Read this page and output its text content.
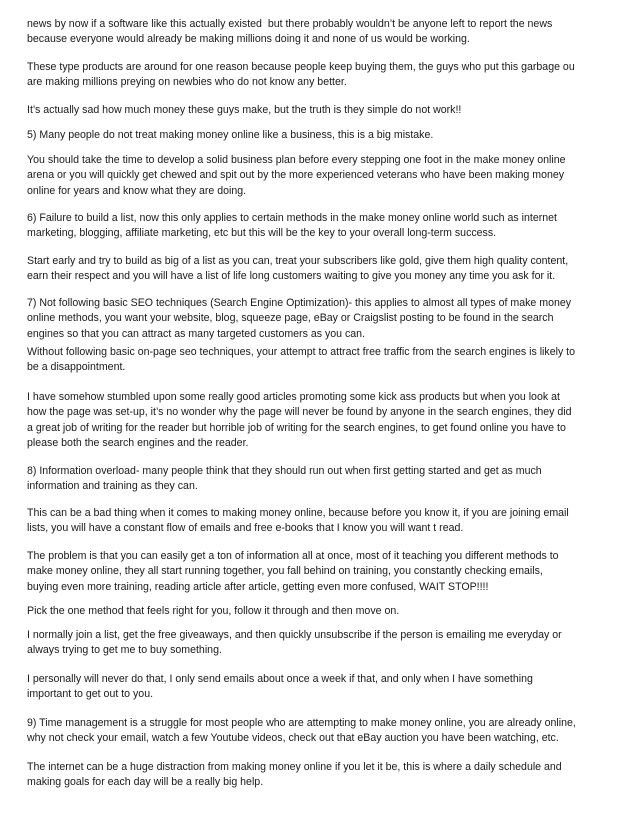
news by now if a software like this actually existed  but there probably wouldn’t be anyone left to report the news
because everyone would already be making millions doing it and none of us would be working.
These type products are around for one reason because people keep buying them, the guys who put this garbage ou
are making millions preying on newbies who do not know any better.
It’s actually sad how much money these guys make, but the truth is they simple do not work!!
5) Many people do not treat making money online like a business, this is a big mistake.
You should take the time to develop a solid business plan before every stepping one foot in the make money online
arena or you will quickly get chewed and spit out by the more experienced veterans who have been making money
online for years and know what they are doing.
6) Failure to build a list, now this only applies to certain methods in the make money online world such as internet
marketing, blogging, affiliate marketing, etc but this will be the key to your overall long-term success.
Start early and try to build as big of a list as you can, treat your subscribers like gold, give them high quality content,
earn their respect and you will have a list of life long customers waiting to give you money any time you ask for it.
7) Not following basic SEO techniques (Search Engine Optimization)- this applies to almost all types of make money
online methods, you want your website, blog, squeeze page, eBay or Craigslist posting to be found in the search
engines so that you can attract as many targeted customers as you can.
Without following basic on-page seo techniques, your attempt to attract free traffic from the search engines is likely to
be a disappointment.
I have somehow stumbled upon some really good articles promoting some kick ass products but when you look at
how the page was set-up, it’s no wonder why the page will never be found by anyone in the search engines, they did
a great job of writing for the reader but horrible job of writing for the search engines, to get found online you have to
please both the search engines and the reader.
8) Information overload- many people think that they should run out when first getting started and get as much
information and training as they can.
This can be a bad thing when it comes to making money online, because before you know it, if you are joining email
lists, you will have a constant flow of emails and free e-books that I know you will want t read.
The problem is that you can easily get a ton of information all at once, most of it teaching you different methods to
make money online, they all start running together, you fall behind on training, you constantly checking emails,
buying even more training, reading article after article, getting even more confused, WAIT STOP!!!!
Pick the one method that feels right for you, follow it through and then move on.
I normally join a list, get the free giveaways, and then quickly unsubscribe if the person is emailing me everyday or
always trying to get me to buy something.
I personally will never do that, I only send emails about once a week if that, and only when I have something
important to get out to you.
9) Time management is a struggle for most people who are attempting to make money online, you are already online,
why not check your email, watch a few Youtube videos, check out that eBay auction you have been watching, etc.
The internet can be a huge distraction from making money online if you let it be, this is where a daily schedule and
making goals for each day will be a really big help.
